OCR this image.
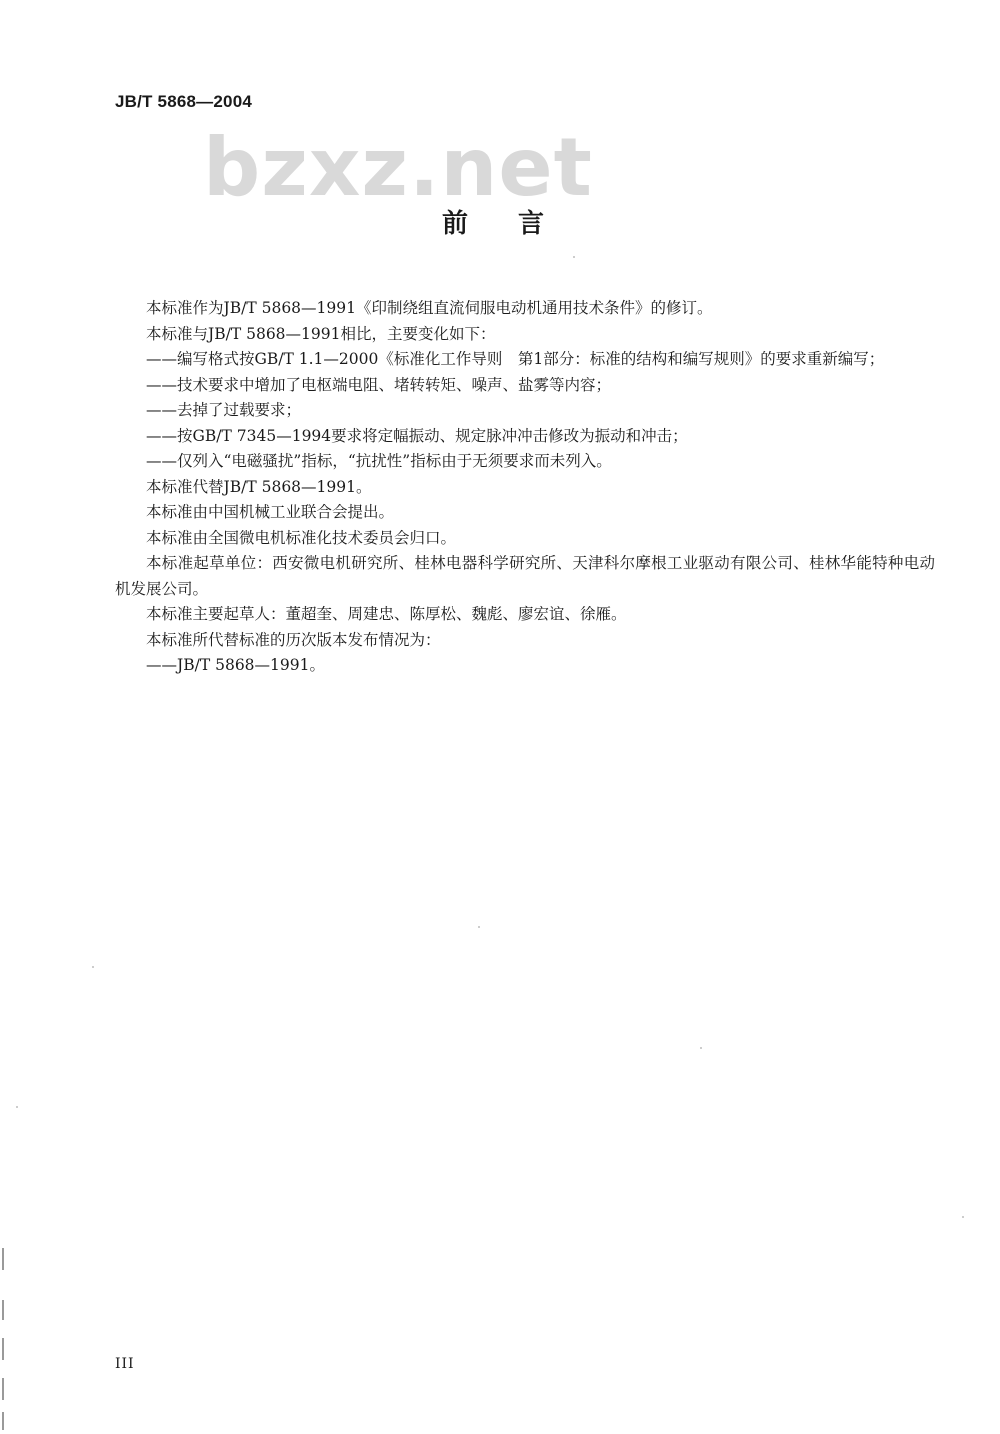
JB/T 5868—2004
bzxz.net
前言

本标准作为JB/T 5868—1991《印制绕组直流伺服电动机通用技术条件》的修订。

本标准与JB/T 5868—1991相比，主要变化如下：

——编写格式按GB/T 1.1—2000《标准化工作导则　第1部分：标准的结构和编写规则》的要求重新编写；

——技术要求中增加了电枢端电阻、堵转转矩、噪声、盐雾等内容；

——去掉了过载要求；

——按GB/T 7345—1994要求将定幅振动、规定脉冲冲击修改为振动和冲击；

——仅列入“电磁骚扰”指标，“抗扰性”指标由于无须要求而未列入。

本标准代替JB/T 5868—1991。

本标准由中国机械工业联合会提出。

本标准由全国微电机标准化技术委员会归口。

本标准起草单位：西安微电机研究所、桂林电器科学研究所、天津科尔摩根工业驱动有限公司、桂林华能特种电动机发展公司。

本标准主要起草人：董超奎、周建忠、陈厚松、魏彪、廖宏谊、徐雁。

本标准所代替标准的历次版本发布情况为：

——JB/T 5868—1991。

III
